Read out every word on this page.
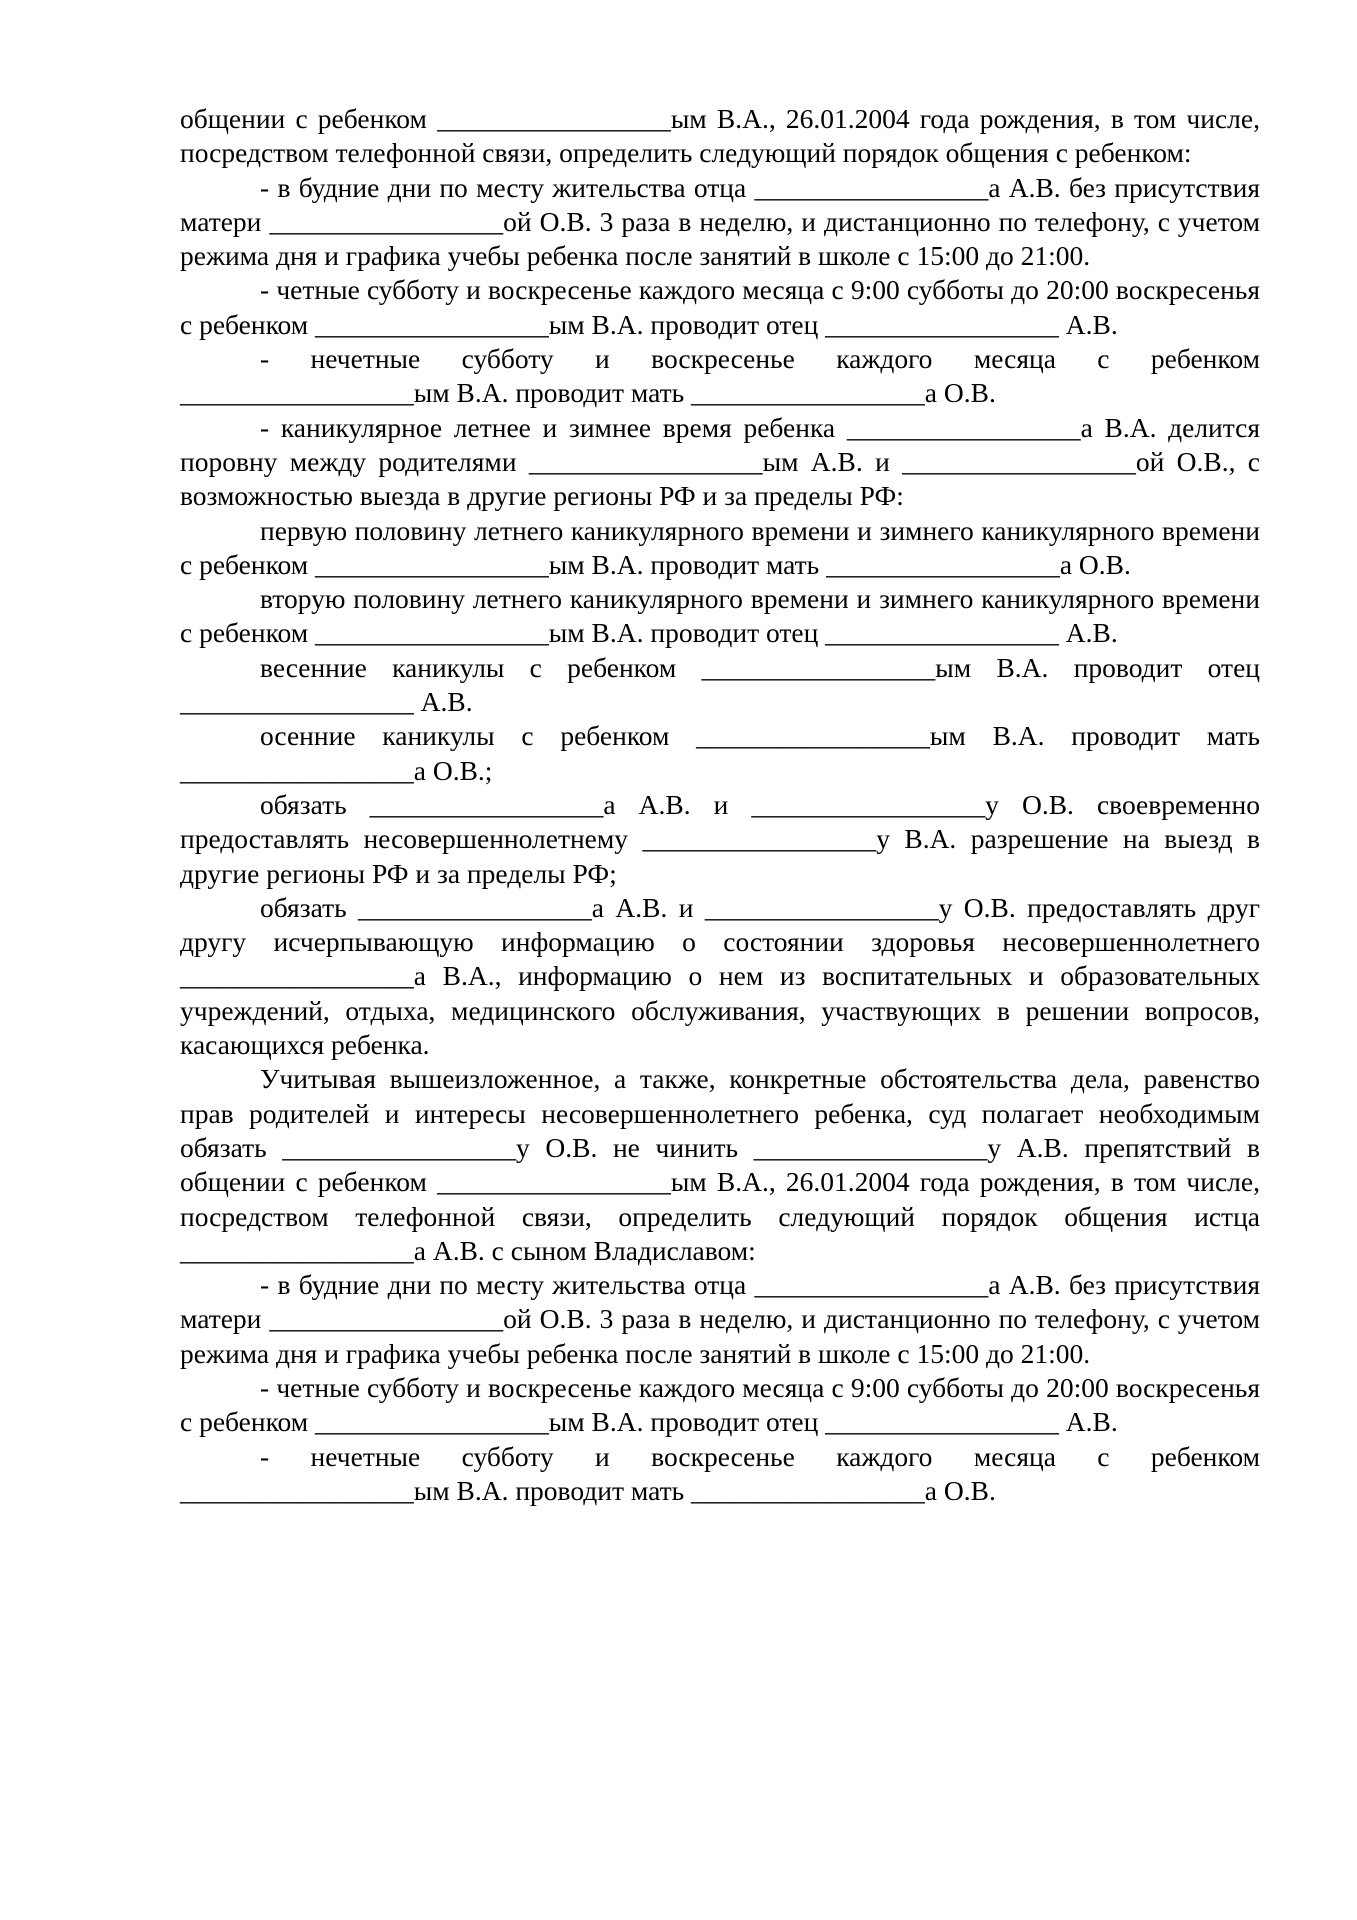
общении с ребенком _________________ым В.А., 26.01.2004 года рождения, в том числе, посредством телефонной связи, определить следующий порядок общения с ребенком:

- в будние дни по месту жительства отца _________________а А.В. без присутствия матери _________________ой О.В. 3 раза в неделю, и дистанционно по телефону, с учетом режима дня и графика учебы ребенка после занятий в школе с 15:00 до 21:00.

- четные субботу и воскресенье каждого месяца с 9:00 субботы до 20:00 воскресенья с ребенком _________________ым В.А. проводит отец _________________ А.В.

- нечетные субботу и воскресенье каждого месяца с ребенком _________________ым В.А. проводит мать _________________а О.В.

- каникулярное летнее и зимнее время ребенка _________________а В.А. делится поровну между родителями _________________ым А.В. и _________________ой О.В., с возможностью выезда в другие регионы РФ и за пределы РФ:

первую половину летнего каникулярного времени и зимнего каникулярного времени с ребенком _________________ым В.А. проводит мать _________________а О.В.

вторую половину летнего каникулярного времени и зимнего каникулярного времени с ребенком _________________ым В.А. проводит отец _________________ А.В.

весенние каникулы с ребенком _________________ым В.А. проводит отец _________________ А.В.

осенние каникулы с ребенком _________________ым В.А. проводит мать _________________а О.В.;

обязать _________________а А.В. и _________________у О.В. своевременно предоставлять несовершеннолетнему _________________у В.А. разрешение на выезд в другие регионы РФ и за пределы РФ;

обязать _________________а А.В. и _________________у О.В. предоставлять друг другу исчерпывающую информацию о состоянии здоровья несовершеннолетнего _________________а В.А., информацию о нем из воспитательных и образовательных учреждений, отдыха, медицинского обслуживания, участвующих в решении вопросов, касающихся ребенка.

Учитывая вышеизложенное, а также, конкретные обстоятельства дела, равенство прав родителей и интересы несовершеннолетнего ребенка, суд полагает необходимым обязать _________________у О.В. не чинить _________________у А.В. препятствий в общении с ребенком _________________ым В.А., 26.01.2004 года рождения, в том числе, посредством телефонной связи, определить следующий порядок общения истца _________________а А.В. с сыном Владиславом:

- в будние дни по месту жительства отца _________________а А.В. без присутствия матери _________________ой О.В. 3 раза в неделю, и дистанционно по телефону, с учетом режима дня и графика учебы ребенка после занятий в школе с 15:00 до 21:00.

- четные субботу и воскресенье каждого месяца с 9:00 субботы до 20:00 воскресенья с ребенком _________________ым В.А. проводит отец _________________ А.В.

- нечетные субботу и воскресенье каждого месяца с ребенком _________________ым В.А. проводит мать _________________а О.В.
